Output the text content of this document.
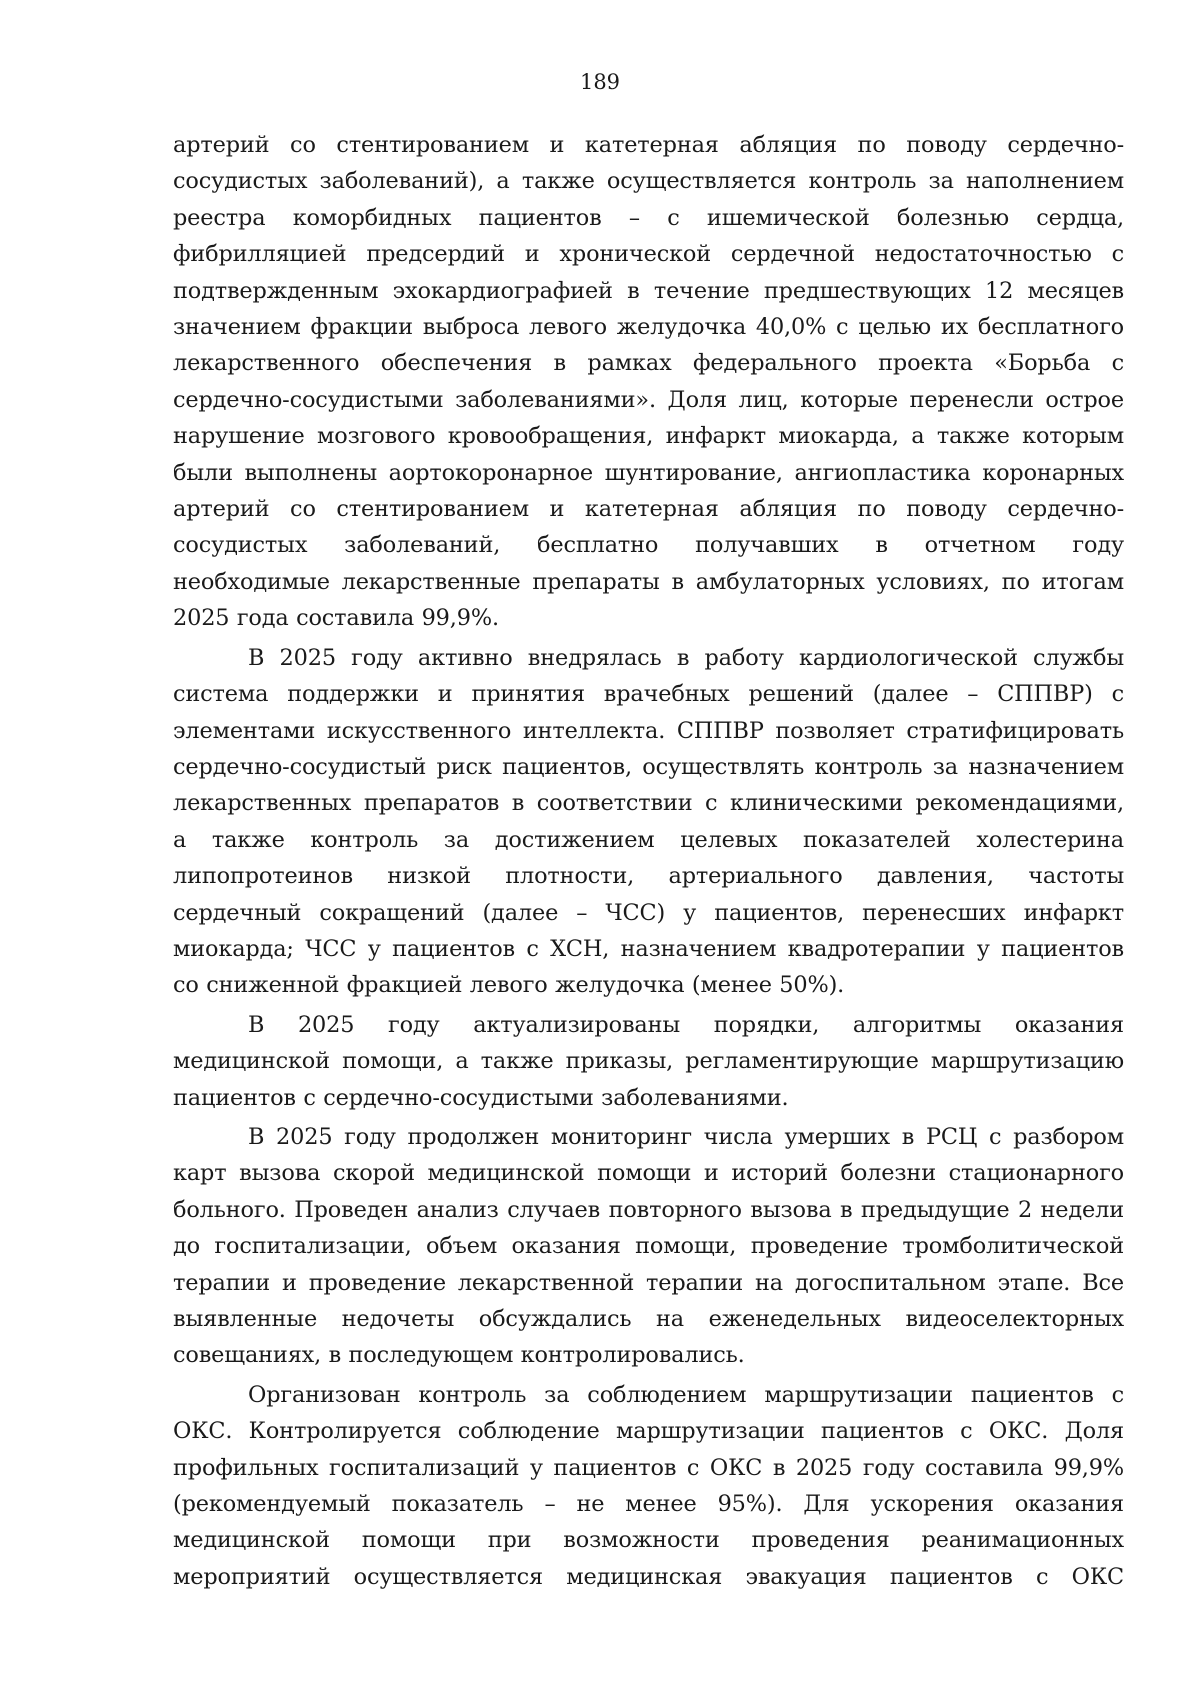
189

артерий со стентированием и катетерная абляция по поводу сердечно-
сосудистых заболеваний), а также осуществляется контроль за наполнением
реестра коморбидных пациентов – с ишемической болезнью сердца,
фибрилляцией предсердий и хронической сердечной недостаточностью с
подтвержденным эхокардиографией в течение предшествующих 12 месяцев
значением фракции выброса левого желудочка 40,0% с целью их бесплатного
лекарственного обеспечения в рамках федерального проекта «Борьба с
сердечно-сосудистыми заболеваниями». Доля лиц, которые перенесли острое
нарушение мозгового кровообращения, инфаркт миокарда, а также которым
были выполнены аортокоронарное шунтирование, ангиопластика коронарных
артерий со стентированием и катетерная абляция по поводу сердечно-
сосудистых заболеваний, бесплатно получавших в отчетном году
необходимые лекарственные препараты в амбулаторных условиях, по итогам
2025 года составила 99,9%.

В 2025 году активно внедрялась в работу кардиологической службы
система поддержки и принятия врачебных решений (далее – СППВР) с
элементами искусственного интеллекта. СППВР позволяет стратифицировать
сердечно-сосудистый риск пациентов, осуществлять контроль за назначением
лекарственных препаратов в соответствии с клиническими рекомендациями,
а также контроль за достижением целевых показателей холестерина
липопротеинов низкой плотности, артериального давления, частоты
сердечный сокращений (далее – ЧСС) у пациентов, перенесших инфаркт
миокарда; ЧСС у пациентов с ХСН, назначением квадротерапии у пациентов
со сниженной фракцией левого желудочка (менее 50%).

В 2025 году актуализированы порядки, алгоритмы оказания
медицинской помощи, а также приказы, регламентирующие маршрутизацию
пациентов с сердечно-сосудистыми заболеваниями.

В 2025 году продолжен мониторинг числа умерших в РСЦ с разбором
карт вызова скорой медицинской помощи и историй болезни стационарного
больного. Проведен анализ случаев повторного вызова в предыдущие 2 недели
до госпитализации, объем оказания помощи, проведение тромболитической
терапии и проведение лекарственной терапии на догоспитальном этапе. Все
выявленные недочеты обсуждались на еженедельных видеоселекторных
совещаниях, в последующем контролировались.

Организован контроль за соблюдением маршрутизации пациентов с
ОКС. Контролируется соблюдение маршрутизации пациентов с ОКС. Доля
профильных госпитализаций у пациентов с ОКС в 2025 году составила 99,9%
(рекомендуемый показатель – не менее 95%). Для ускорения оказания
медицинской помощи при возможности проведения реанимационных
мероприятий осуществляется медицинская эвакуация пациентов с ОКС
